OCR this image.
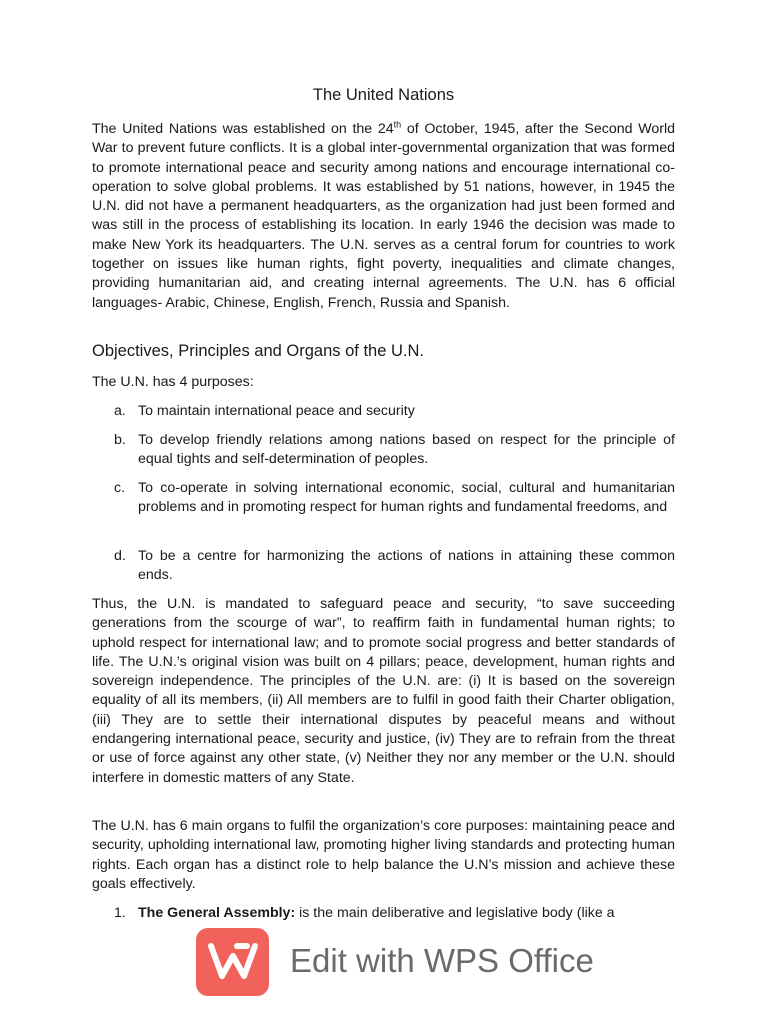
The United Nations

The United Nations was established on the 24th of October, 1945, after the Second World War to prevent future conflicts. It is a global inter-governmental organization that was formed to promote international peace and security among nations and encourage international co-operation to solve global problems. It was established by 51 nations, however, in 1945 the U.N. did not have a permanent headquarters, as the organization had just been formed and was still in the process of establishing its location. In early 1946 the decision was made to make New York its headquarters. The U.N. serves as a central forum for countries to work together on issues like human rights, fight poverty, inequalities and climate changes, providing humanitarian aid, and creating internal agreements. The U.N. has 6 official languages- Arabic, Chinese, English, French, Russia and Spanish.

Objectives, Principles and Organs of the U.N.

The U.N. has 4 purposes:

a. To maintain international peace and security
b. To develop friendly relations among nations based on respect for the principle of equal tights and self-determination of peoples.
c. To co-operate in solving international economic, social, cultural and humanitarian problems and in promoting respect for human rights and fundamental freedoms, and
d. To be a centre for harmonizing the actions of nations in attaining these common ends.

Thus, the U.N. is mandated to safeguard peace and security, “to save succeeding generations from the scourge of war”, to reaffirm faith in fundamental human rights; to uphold respect for international law; and to promote social progress and better standards of life. The U.N.’s original vision was built on 4 pillars; peace, development, human rights and sovereign independence. The principles of the U.N. are: (i) It is based on the sovereign equality of all its members, (ii) All members are to fulfil in good faith their Charter obligation, (iii) They are to settle their international disputes by peaceful means and without endangering international peace, security and justice, (iv) They are to refrain from the threat or use of force against any other state, (v) Neither they nor any member or the U.N. should interfere in domestic matters of any State.

The U.N. has 6 main organs to fulfil the organization’s core purposes: maintaining peace and security, upholding international law, promoting higher living standards and protecting human rights. Each organ has a distinct role to help balance the U.N’s mission and achieve these goals effectively.

1. The General Assembly: is the main deliberative and legislative body (like a
Edit with WPS Office
